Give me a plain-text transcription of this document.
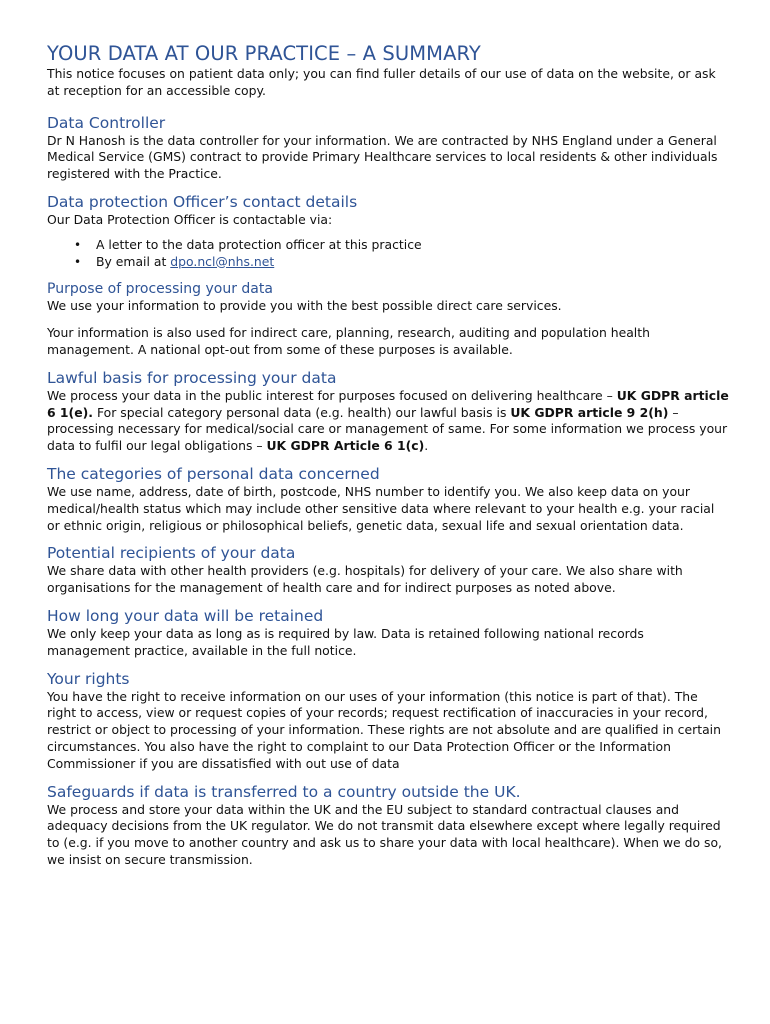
YOUR DATA AT OUR PRACTICE – A SUMMARY

This notice focuses on patient data only; you can find fuller details of our use of data on the website, or ask at reception for an accessible copy.

Data Controller

Dr N Hanosh is the data controller for your information. We are contracted by NHS England under a General Medical Service (GMS) contract to provide Primary Healthcare services to local residents & other individuals registered with the Practice.

Data protection Officer’s contact details

Our Data Protection Officer is contactable via:

• A letter to the data protection officer at this practice
• By email at dpo.ncl@nhs.net
Purpose of processing your data

We use your information to provide you with the best possible direct care services.

Your information is also used for indirect care, planning, research, auditing and population health management. A national opt-out from some of these purposes is available.

Lawful basis for processing your data

We process your data in the public interest for purposes focused on delivering healthcare – UK GDPR article 6 1(e). For special category personal data (e.g. health) our lawful basis is UK GDPR article 9 2(h) – processing necessary for medical/social care or management of same. For some information we process your data to fulfil our legal obligations – UK GDPR Article 6 1(c).

The categories of personal data concerned

We use name, address, date of birth, postcode, NHS number to identify you. We also keep data on your medical/health status which may include other sensitive data where relevant to your health e.g. your racial or ethnic origin, religious or philosophical beliefs, genetic data, sexual life and sexual orientation data.

Potential recipients of your data

We share data with other health providers (e.g. hospitals) for delivery of your care. We also share with organisations for the management of health care and for indirect purposes as noted above.

How long your data will be retained

We only keep your data as long as is required by law. Data is retained following national records management practice, available in the full notice.

Your rights

You have the right to receive information on our uses of your information (this notice is part of that). The right to access, view or request copies of your records; request rectification of inaccuracies in your record, restrict or object to processing of your information. These rights are not absolute and are qualified in certain circumstances. You also have the right to complaint to our Data Protection Officer or the Information Commissioner if you are dissatisfied with out use of data

Safeguards if data is transferred to a country outside the UK.

We process and store your data within the UK and the EU subject to standard contractual clauses and adequacy decisions from the UK regulator. We do not transmit data elsewhere except where legally required to (e.g. if you move to another country and ask us to share your data with local healthcare). When we do so, we insist on secure transmission.
